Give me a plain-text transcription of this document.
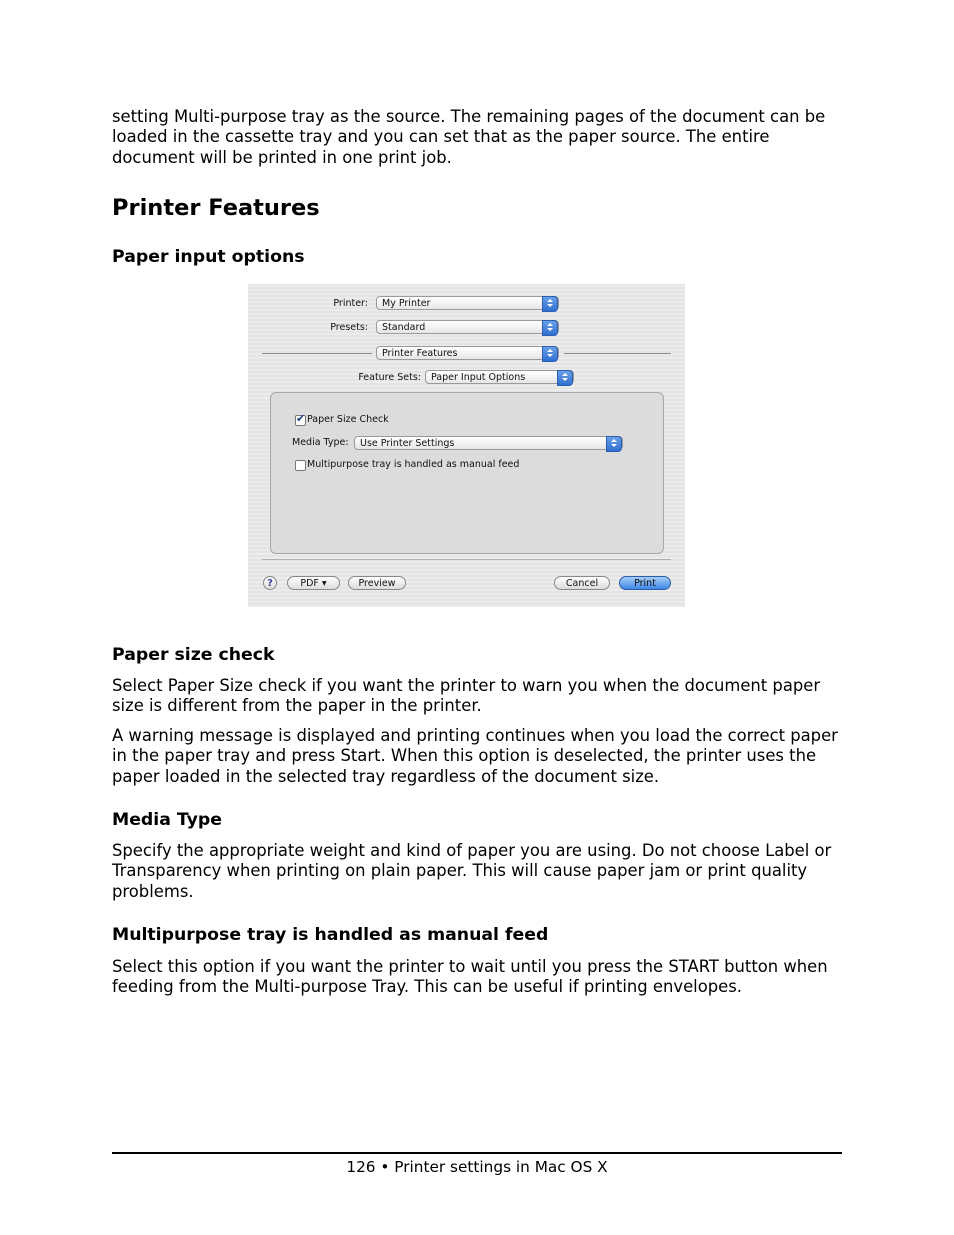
setting Multi-purpose tray as the source. The remaining pages of the document can be loaded in the cassette tray and you can set that as the paper source. The entire document will be printed in one print job.

Printer Features
Paper input options
Printer:	My Printer
Presets:	Standard
Printer Features
Feature Sets:	Paper Input Options
✔
Paper Size Check
Media Type:	Use Printer Settings
Multipurpose tray is handled as manual feed
?	PDF ▾	Preview	Cancel	Print
Paper size check

Select Paper Size check if you want the printer to warn you when the document paper size is different from the paper in the printer.

A warning message is displayed and printing continues when you load the correct paper in the paper tray and press Start. When this option is deselected, the printer uses the paper loaded in the selected tray regardless of the document size.

Media Type

Specify the appropriate weight and kind of paper you are using. Do not choose Label or Transparency when printing on plain paper. This will cause paper jam or print quality problems.

Multipurpose tray is handled as manual feed

Select this option if you want the printer to wait until you press the START button when feeding from the Multi-purpose Tray. This can be useful if printing envelopes.

126 • Printer settings in Mac OS X
